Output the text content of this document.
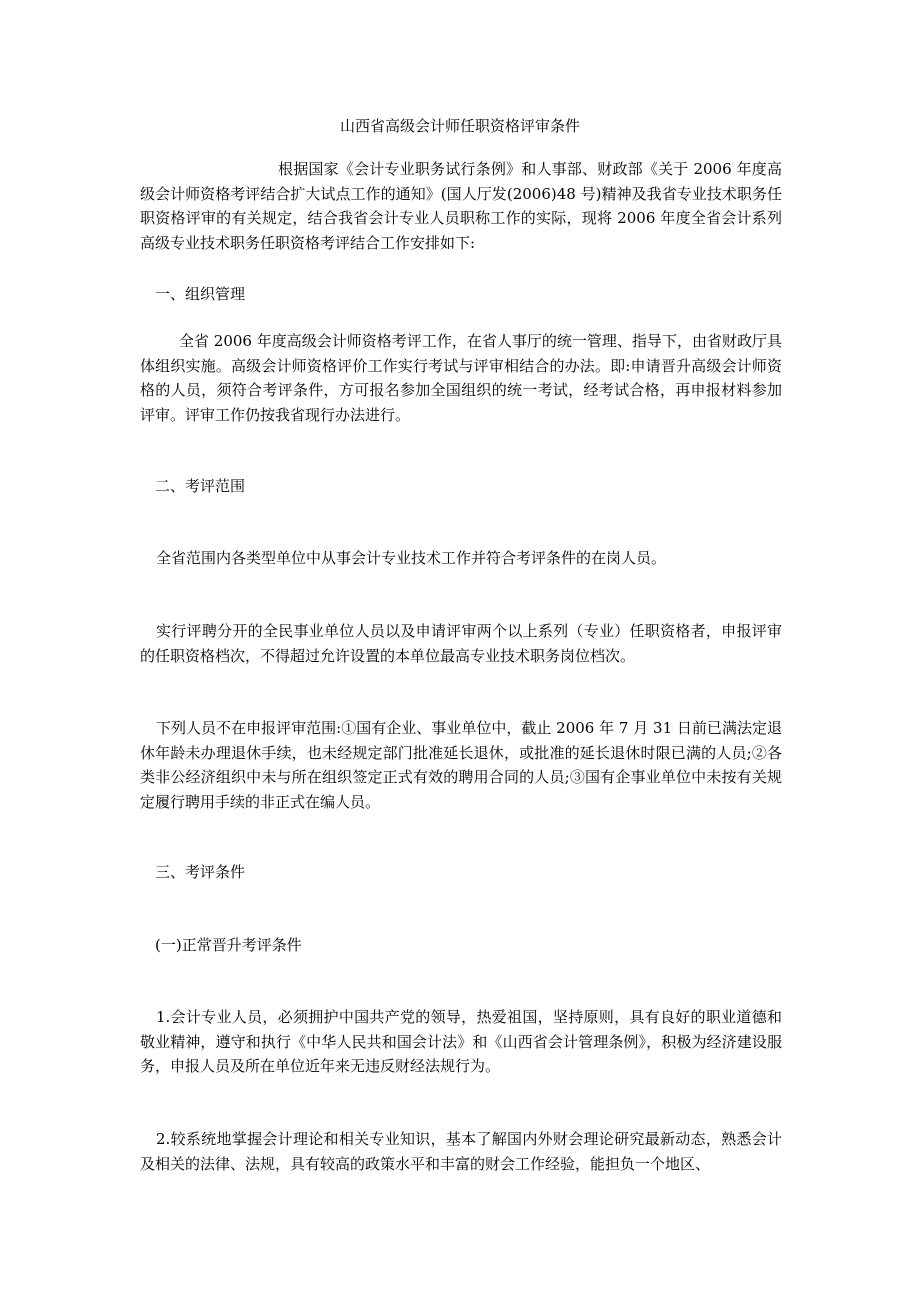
山西省高级会计师任职资格评审条件
根据国家《会计专业职务试行条例》和人事部、财政部《关于 2006 年度高级会计师资格考评结合扩大试点工作的通知》(国人厅发(2006)48 号)精神及我省专业技术职务任职资格评审的有关规定，结合我省会计专业人员职称工作的实际，现将 2006 年度全省会计系列高级专业技术职务任职资格考评结合工作安排如下:
一、组织管理
全省 2006 年度高级会计师资格考评工作，在省人事厅的统一管理、指导下，由省财政厅具体组织实施。高级会计师资格评价工作实行考试与评审相结合的办法。即:申请晋升高级会计师资格的人员，须符合考评条件，方可报名参加全国组织的统一考试，经考试合格，再申报材料参加评审。评审工作仍按我省现行办法进行。
二、考评范围
全省范围内各类型单位中从事会计专业技术工作并符合考评条件的在岗人员。
实行评聘分开的全民事业单位人员以及申请评审两个以上系列（专业）任职资格者，申报评审的任职资格档次，不得超过允许设置的本单位最高专业技术职务岗位档次。
下列人员不在申报评审范围:①国有企业、事业单位中，截止 2006 年 7 月 31 日前已满法定退休年龄未办理退休手续，也未经规定部门批准延长退休，或批准的延长退休时限已满的人员;②各类非公经济组织中未与所在组织签定正式有效的聘用合同的人员;③国有企事业单位中未按有关规定履行聘用手续的非正式在编人员。
三、考评条件
(一)正常晋升考评条件
1.会计专业人员，必须拥护中国共产党的领导，热爱祖国，坚持原则，具有良好的职业道德和敬业精神，遵守和执行《中华人民共和国会计法》和《山西省会计管理条例》，积极为经济建设服务，申报人员及所在单位近年来无违反财经法规行为。
2.较系统地掌握会计理论和相关专业知识，基本了解国内外财会理论研究最新动态，熟悉会计及相关的法律、法规，具有较高的政策水平和丰富的财会工作经验，能担负一个地区、
